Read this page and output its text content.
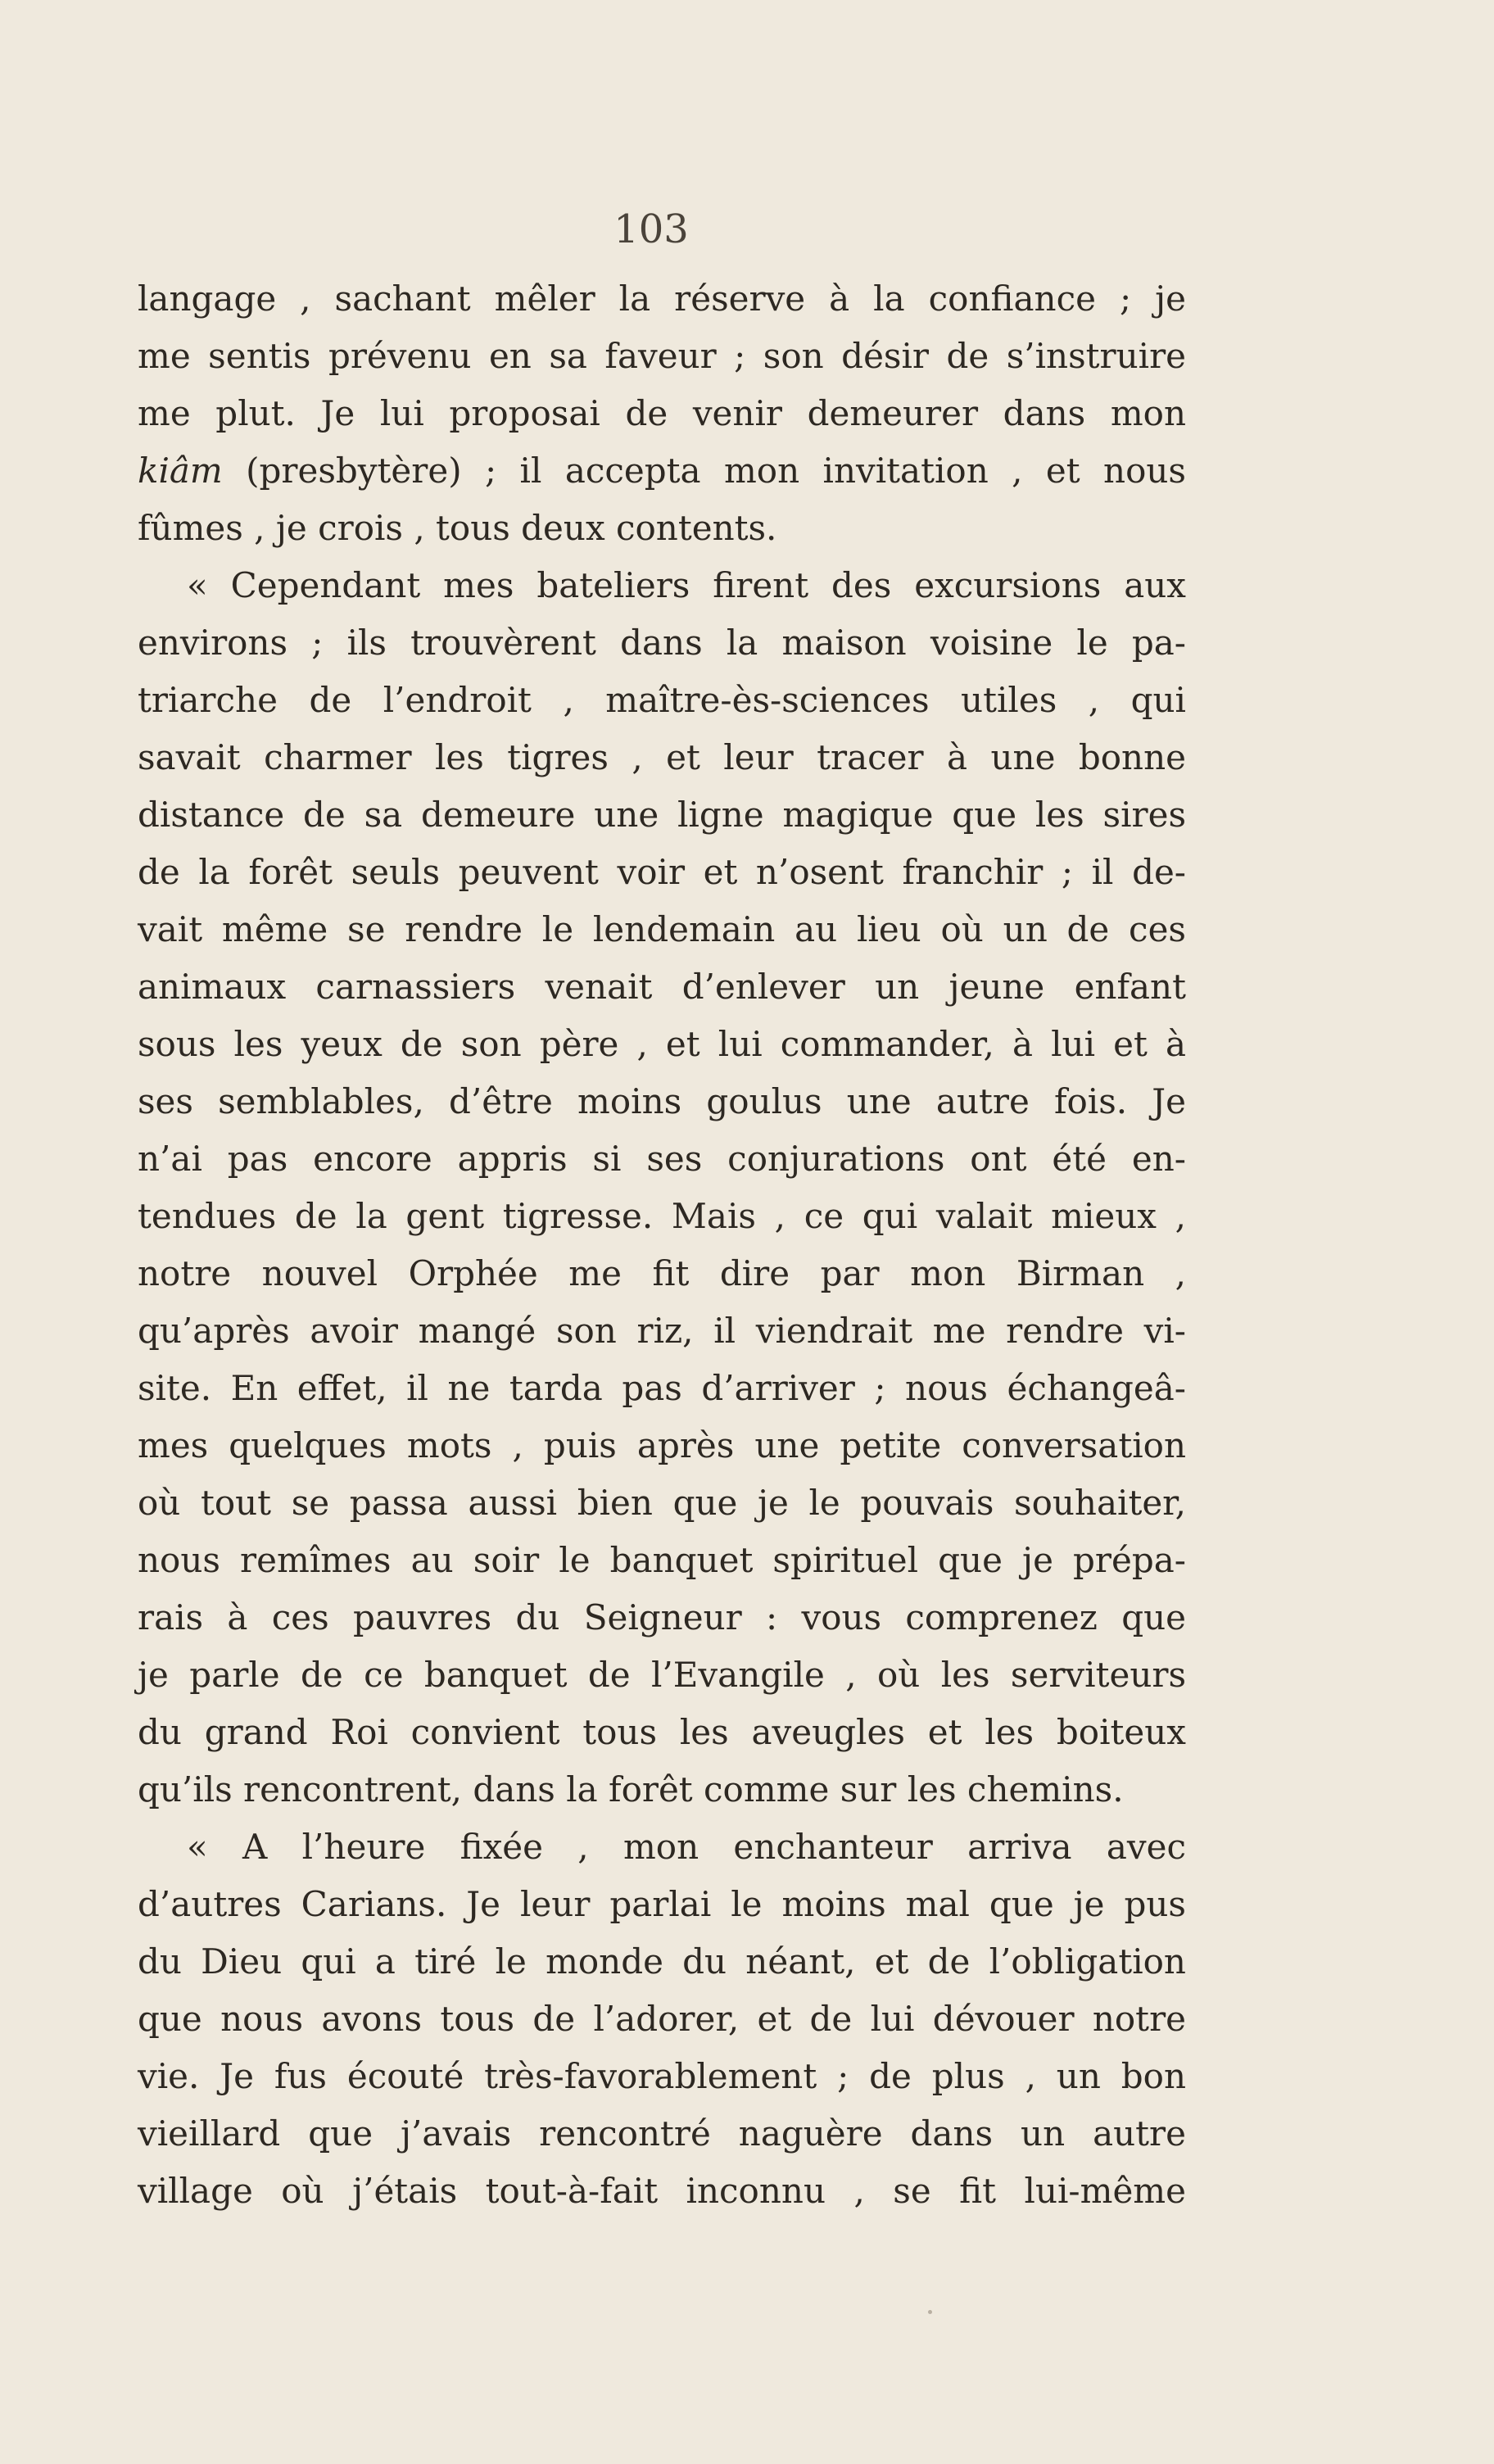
103
langage , sachant mêler la réserve à la confiance ; je
me sentis prévenu en sa faveur ; son désir de s’instruire
me plut. Je lui proposai de venir demeurer dans mon
kiâm (presbytère) ; il accepta mon invitation , et nous
fûmes , je crois , tous deux contents.
« Cependant mes bateliers firent des excursions aux
environs ; ils trouvèrent dans la maison voisine le pa-
triarche de l’endroit , maître-ès-sciences utiles , qui
savait charmer les tigres , et leur tracer à une bonne
distance de sa demeure une ligne magique que les sires
de la forêt seuls peuvent voir et n’osent franchir ; il de-
vait même se rendre le lendemain au lieu où un de ces
animaux carnassiers venait d’enlever un jeune enfant
sous les yeux de son père , et lui commander, à lui et à
ses semblables, d’être moins goulus une autre fois. Je
n’ai pas encore appris si ses conjurations ont été en-
tendues de la gent tigresse. Mais , ce qui valait mieux ,
notre nouvel Orphée me fit dire par mon Birman ,
qu’après avoir mangé son riz, il viendrait me rendre vi-
site. En effet, il ne tarda pas d’arriver ; nous échangeâ-
mes quelques mots , puis après une petite conversation
où tout se passa aussi bien que je le pouvais souhaiter,
nous remîmes au soir le banquet spirituel que je prépa-
rais à ces pauvres du Seigneur : vous comprenez que
je parle de ce banquet de l’Evangile , où les serviteurs
du grand Roi convient tous les aveugles et les boiteux
qu’ils rencontrent, dans la forêt comme sur les chemins.
« A l’heure fixée , mon enchanteur arriva avec
d’autres Carians. Je leur parlai le moins mal que je pus
du Dieu qui a tiré le monde du néant, et de l’obligation
que nous avons tous de l’adorer, et de lui dévouer notre
vie. Je fus écouté très-favorablement ; de plus , un bon
vieillard que j’avais rencontré naguère dans un autre
village où j’étais tout-à-fait inconnu , se fit lui-même
